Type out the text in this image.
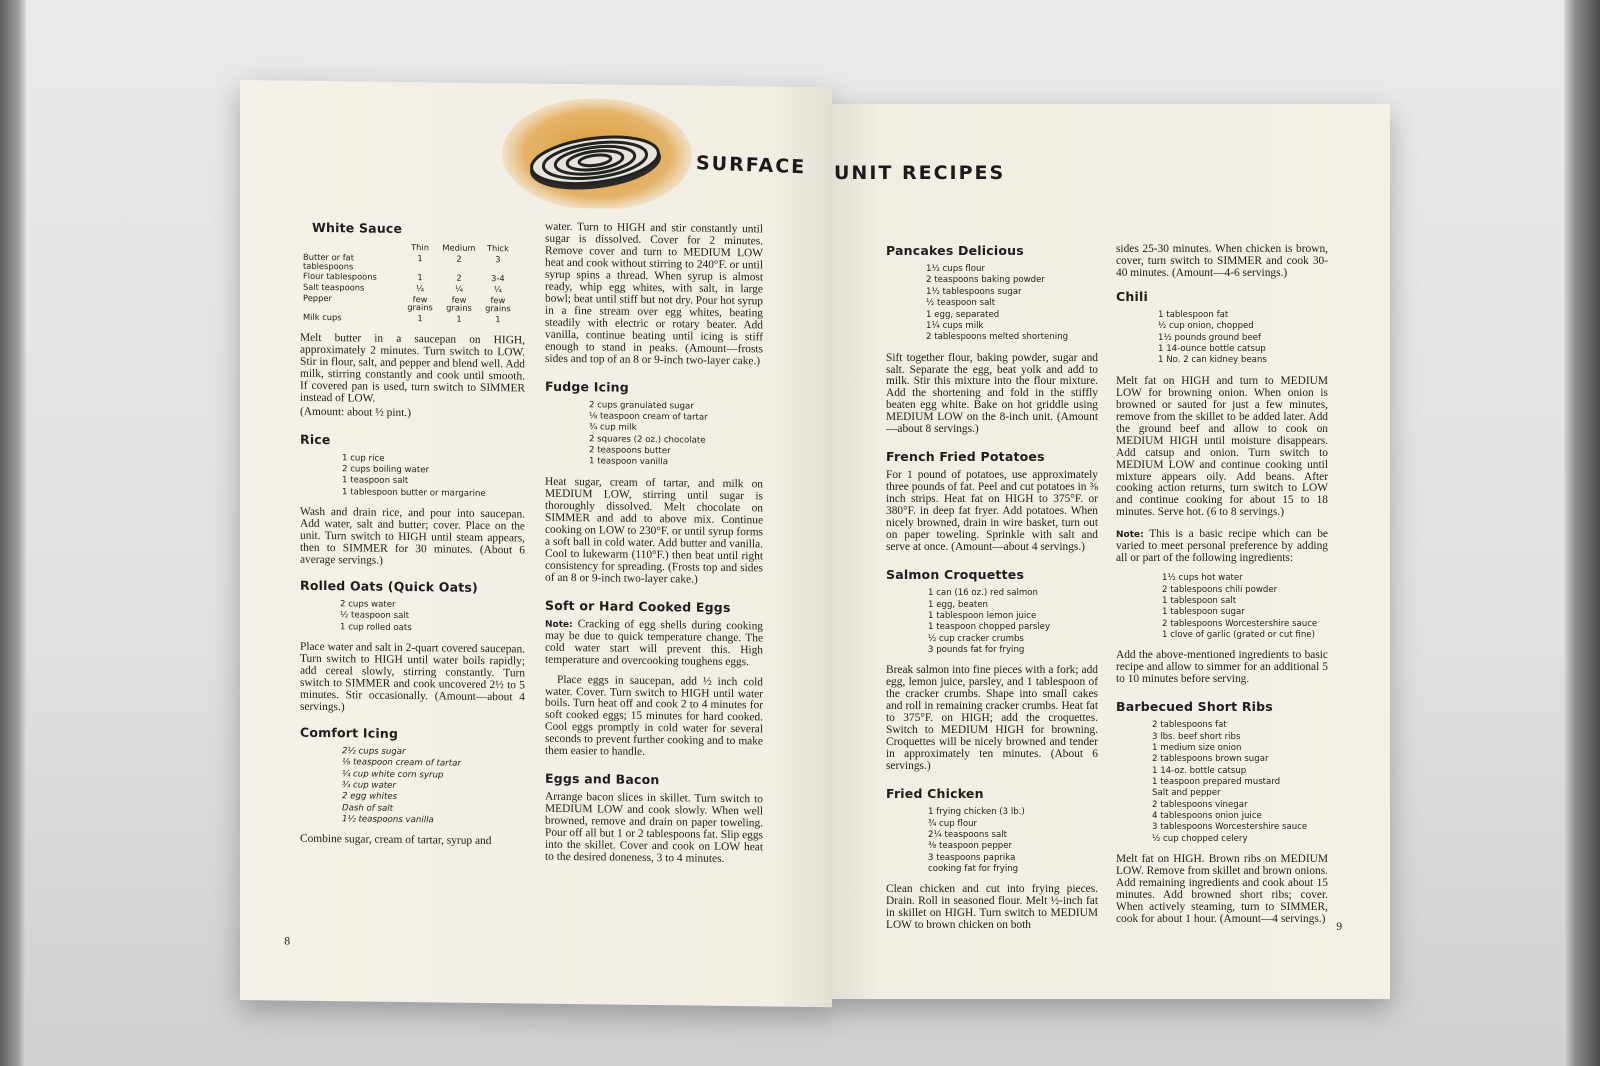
SURFACE
White Sauce
	Thin	Medium	Thick
Butter or fat tablespoons	1	2	3
Flour tablespoons	1	2	3-4
Salt teaspoons	¼	¼	¼
Pepper	few grains	few grains	few grains
Milk cups	1	1	1

Melt butter in a saucepan on HIGH, approximately 2 minutes. Turn switch to LOW. Stir in flour, salt, and pepper and blend well. Add milk, stirring constantly and cook until smooth. If covered pan is used, turn switch to SIMMER instead of LOW.

(Amount: about ½ pint.)

Rice
1 cup rice
2 cups boiling water
1 teaspoon salt
1 tablespoon butter or margarine

Wash and drain rice, and pour into saucepan. Add water, salt and butter; cover. Place on the unit. Turn switch to HIGH until steam appears, then to SIMMER for 30 minutes. (About 6 average servings.)

Rolled Oats (Quick Oats)
2 cups water
½ teaspoon salt
1 cup rolled oats

Place water and salt in 2-quart covered saucepan. Turn switch to HIGH until water boils rapidly; add cereal slowly, stirring constantly. Turn switch to SIMMER and cook uncovered 2½ to 5 minutes. Stir occasionally. (Amount—about 4 servings.)

Comfort Icing
2½ cups sugar
⅛ teaspoon cream of tartar
¼ cup white corn syrup
¾ cup water
2 egg whites
Dash of salt
1½ teaspoons vanilla

Combine sugar, cream of tartar, syrup and

water. Turn to HIGH and stir constantly until sugar is dissolved. Cover for 2 minutes. Remove cover and turn to MEDIUM LOW heat and cook without stirring to 240°F. or until syrup spins a thread. When syrup is almost ready, whip egg whites, with salt, in large bowl; beat until stiff but not dry. Pour hot syrup in a fine stream over egg whites, beating steadily with electric or rotary beater. Add vanilla, continue beating until icing is stiff enough to stand in peaks. (Amount—frosts sides and top of an 8 or 9-inch two-layer cake.)

Fudge Icing
2 cups granulated sugar
⅛ teaspoon cream of tartar
¾ cup milk
2 squares (2 oz.) chocolate
2 teaspoons butter
1 teaspoon vanilla

Heat sugar, cream of tartar, and milk on MEDIUM LOW, stirring until sugar is thoroughly dissolved. Melt chocolate on SIMMER and add to above mix. Continue cooking on LOW to 230°F. or until syrup forms a soft ball in cold water. Add butter and vanilla. Cool to lukewarm (110°F.) then beat until right consistency for spreading. (Frosts top and sides of an 8 or 9-inch two-layer cake.)

Soft or Hard Cooked Eggs

Note: Cracking of egg shells during cooking may be due to quick temperature change. The cold water start will prevent this. High temperature and overcooking toughens eggs.

Place eggs in saucepan, add ½ inch cold water. Cover. Turn switch to HIGH until water boils. Turn heat off and cook 2 to 4 minutes for soft cooked eggs; 15 minutes for hard cooked. Cool eggs promptly in cold water for several seconds to prevent further cooking and to make them easier to handle.

Eggs and Bacon

Arrange bacon slices in skillet. Turn switch to MEDIUM LOW and cook slowly. When well browned, remove and drain on paper toweling. Pour off all but 1 or 2 tablespoons fat. Slip eggs into the skillet. Cover and cook on LOW heat to the desired doneness, 3 to 4 minutes.

8
UNIT RECIPES
Pancakes Delicious
1½ cups flour
2 teaspoons baking powder
1½ tablespoons sugar
½ teaspoon salt
1 egg, separated
1¼ cups milk
2 tablespoons melted shortening

Sift together flour, baking powder, sugar and salt. Separate the egg, beat yolk and add to milk. Stir this mixture into the flour mixture. Add the shortening and fold in the stiffly beaten egg white. Bake on hot griddle using MEDIUM LOW on the 8-inch unit. (Amount—about 8 servings.)

French Fried Potatoes

For 1 pound of potatoes, use approximately three pounds of fat. Peel and cut potatoes in ⅜ inch strips. Heat fat on HIGH to 375°F. or 380°F. in deep fat fryer. Add potatoes. When nicely browned, drain in wire basket, turn out on paper toweling. Sprinkle with salt and serve at once. (Amount—about 4 servings.)

Salmon Croquettes
1 can (16 oz.) red salmon
1 egg, beaten
1 tablespoon lemon juice
1 teaspoon chopped parsley
½ cup cracker crumbs
3 pounds fat for frying

Break salmon into fine pieces with a fork; add egg, lemon juice, parsley, and 1 tablespoon of the cracker crumbs. Shape into small cakes and roll in remaining cracker crumbs. Heat fat to 375°F. on HIGH; add the croquettes. Switch to MEDIUM HIGH for browning. Croquettes will be nicely browned and tender in approximately ten minutes. (About 6 servings.)

Fried Chicken
1 frying chicken (3 lb.)
¾ cup flour
2¼ teaspoons salt
⅜ teaspoon pepper
3 teaspoons paprika
cooking fat for frying

Clean chicken and cut into frying pieces. Drain. Roll in seasoned flour. Melt ½-inch fat in skillet on HIGH. Turn switch to MEDIUM LOW to brown chicken on both

sides 25-30 minutes. When chicken is brown, cover, turn switch to SIMMER and cook 30-40 minutes. (Amount—4-6 servings.)

Chili
1 tablespoon fat
½ cup onion, chopped
1½ pounds ground beef
1 14-ounce bottle catsup
1 No. 2 can kidney beans

Melt fat on HIGH and turn to MEDIUM LOW for browning onion. When onion is browned or sauted for just a few minutes, remove from the skillet to be added later. Add the ground beef and allow to cook on MEDIUM HIGH until moisture disappears. Add catsup and onion. Turn switch to MEDIUM LOW and continue cooking until mixture appears oily. Add beans. After cooking action returns, turn switch to LOW and continue cooking for about 15 to 18 minutes. Serve hot. (6 to 8 servings.)

Note: This is a basic recipe which can be varied to meet personal preference by adding all or part of the following ingredients:

1½ cups hot water
2 tablespoons chili powder
1 tablespoon salt
1 tablespoon sugar
2 tablespoons Worcestershire sauce
1 clove of garlic (grated or cut fine)

Add the above-mentioned ingredients to basic recipe and allow to simmer for an additional 5 to 10 minutes before serving.

Barbecued Short Ribs
2 tablespoons fat
3 lbs. beef short ribs
1 medium size onion
2 tablespoons brown sugar
1 14-oz. bottle catsup
1 teaspoon prepared mustard
Salt and pepper
2 tablespoons vinegar
4 tablespoons onion juice
3 tablespoons Worcestershire sauce
½ cup chopped celery

Melt fat on HIGH. Brown ribs on MEDIUM LOW. Remove from skillet and brown onions. Add remaining ingredients and cook about 15 minutes. Add browned short ribs; cover. When actively steaming, turn to SIMMER, cook for about 1 hour. (Amount—4 servings.)

9
